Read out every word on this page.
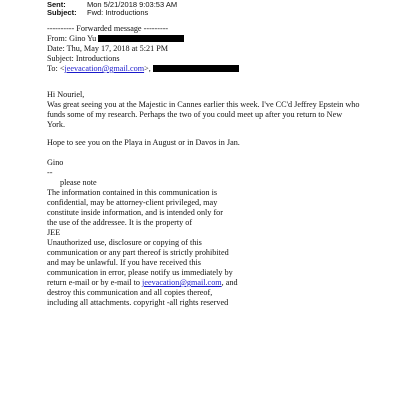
Sent:	Mon 5/21/2018 9:03:53 AM
Subject: Fwd: Introductions
---------- Forwarded message ---------
From: Gino Yu
Date: Thu, May 17, 2018 at 5:21 PM
Subject: Introductions
To: <jeevacation@gmail.com>,
Hi Nouriel,
Was great seeing you at the Majestic in Cannes earlier this week. I've CC'd Jeffrey Epstein who
funds some of my research. Perhaps the two of you could meet up after you return to New
York.
Hope to see you on the Playa in August or in Davos in Jan.
Gino
--
please note
The information contained in this communication is
confidential, may be attorney-client privileged, may
constitute inside information, and is intended only for
the use of the addressee. It is the property of
JEE
Unauthorized use, disclosure or copying of this
communication or any part thereof is strictly prohibited
and may be unlawful. If you have received this
communication in error, please notify us immediately by
return e-mail or by e-mail to jeevacation@gmail.com, and
destroy this communication and all copies thereof,
including all attachments. copyright -all rights reserved
